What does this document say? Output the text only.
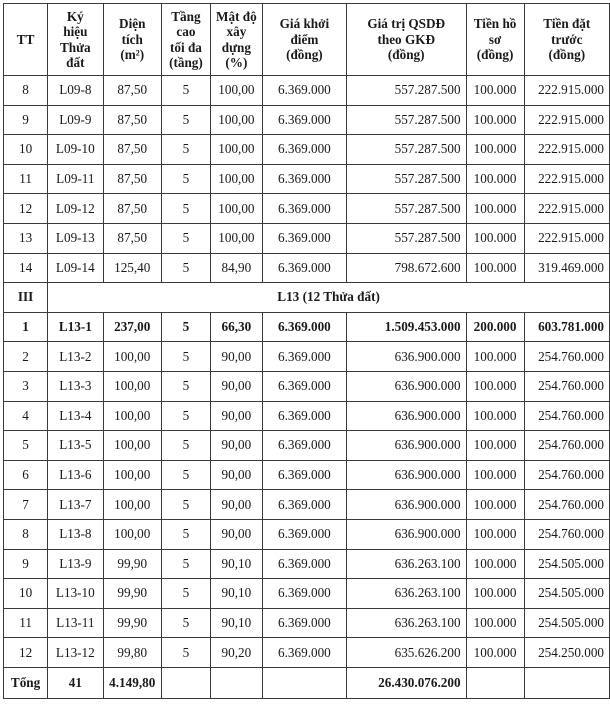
TT	Ký
hiệu
Thửa
đất	Diện
tích
(m²)	Tầng
cao
tối đa
(tầng)	Mật độ
xây
dựng
(%)	Giá khởi
điểm
(đồng)	Giá trị QSDĐ
theo GKĐ
(đồng)	Tiền hồ
sơ
(đồng)	Tiền đặt
trước
(đồng)
8	L09-8	87,50	5	100,00	6.369.000	557.287.500	100.000	222.915.000
9	L09-9	87,50	5	100,00	6.369.000	557.287.500	100.000	222.915.000
10	L09-10	87,50	5	100,00	6.369.000	557.287.500	100.000	222.915.000
11	L09-11	87,50	5	100,00	6.369.000	557.287.500	100.000	222.915.000
12	L09-12	87,50	5	100,00	6.369.000	557.287.500	100.000	222.915.000
13	L09-13	87,50	5	100,00	6.369.000	557.287.500	100.000	222.915.000
14	L09-14	125,40	5	84,90	6.369.000	798.672.600	100.000	319.469.000
III	L13 (12 Thửa đất)							
1	L13-1	237,00	5	66,30	6.369.000	1.509.453.000	200.000	603.781.000
2	L13-2	100,00	5	90,00	6.369.000	636.900.000	100.000	254.760.000
3	L13-3	100,00	5	90,00	6.369.000	636.900.000	100.000	254.760.000
4	L13-4	100,00	5	90,00	6.369.000	636.900.000	100.000	254.760.000
5	L13-5	100,00	5	90,00	6.369.000	636.900.000	100.000	254.760.000
6	L13-6	100,00	5	90,00	6.369.000	636.900.000	100.000	254.760.000
7	L13-7	100,00	5	90,00	6.369.000	636.900.000	100.000	254.760.000
8	L13-8	100,00	5	90,00	6.369.000	636.900.000	100.000	254.760.000
9	L13-9	99,90	5	90,10	6.369.000	636.263.100	100.000	254.505.000
10	L13-10	99,90	5	90,10	6.369.000	636.263.100	100.000	254.505.000
11	L13-11	99,90	5	90,10	6.369.000	636.263.100	100.000	254.505.000
12	L13-12	99,80	5	90,20	6.369.000	635.626.200	100.000	254.250.000
Tổng	41	4.149,80				26.430.076.200		
